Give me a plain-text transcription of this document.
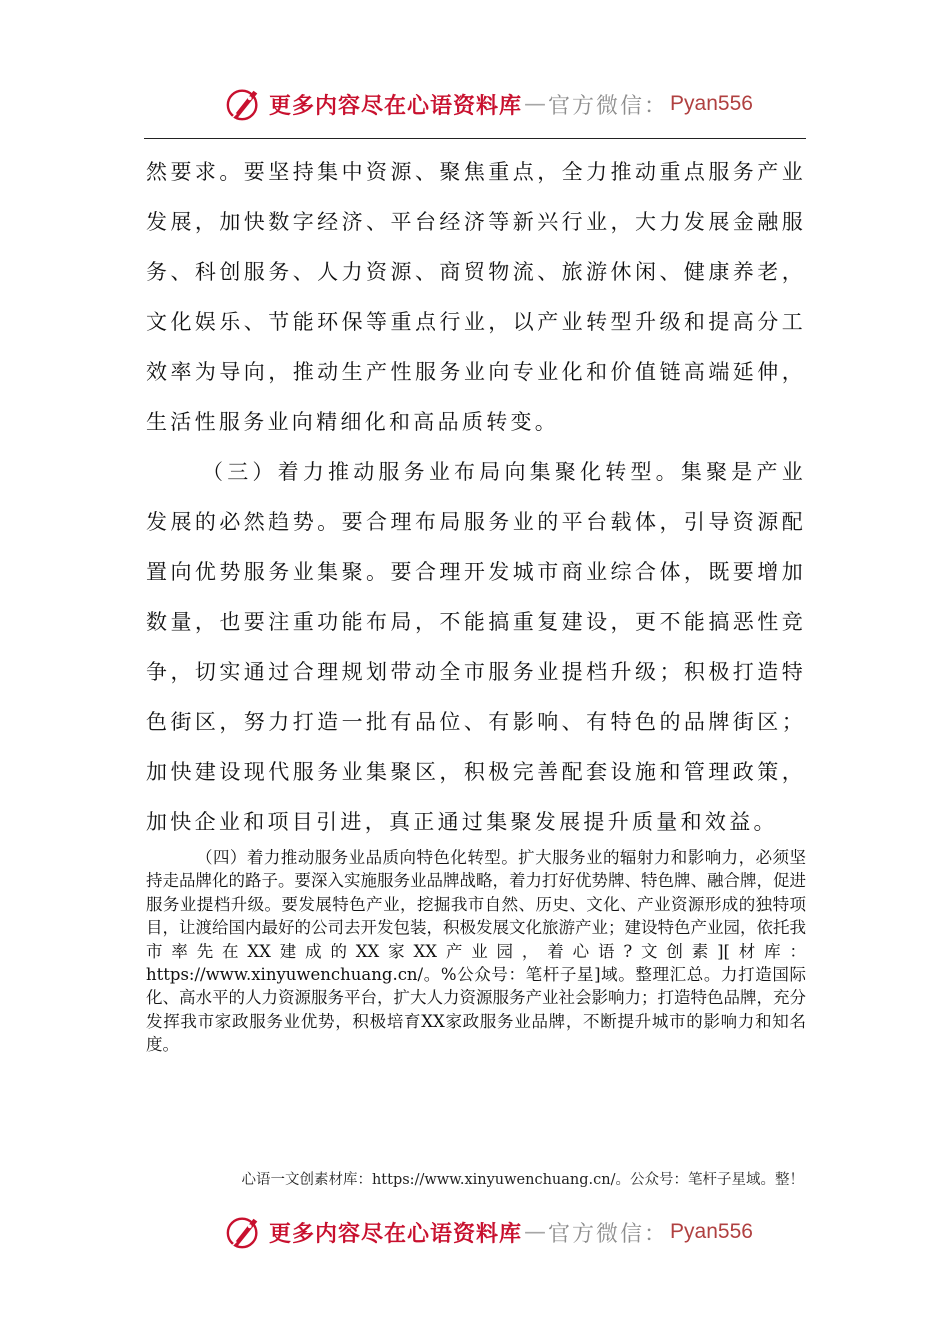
更多内容尽在心语资料库 — 官方微信： Pyan556

然要求。要坚持集中资源、聚焦重点，全力推动重点服务产业发展，加快数字经济、平台经济等新兴行业，大力发展金融服务、科创服务、人力资源、商贸物流、旅游休闲、健康养老，文化娱乐、节能环保等重点行业，以产业转型升级和提高分工效率为导向，推动生产性服务业向专业化和价值链高端延伸，生活性服务业向精细化和高品质转变。

（三）着力推动服务业布局向集聚化转型。集聚是产业发展的必然趋势。要合理布局服务业的平台载体，引导资源配置向优势服务业集聚。要合理开发城市商业综合体，既要增加数量，也要注重功能布局，不能搞重复建设，更不能搞恶性竞争，切实通过合理规划带动全市服务业提档升级；积极打造特色街区，努力打造一批有品位、有影响、有特色的品牌街区；加快建设现代服务业集聚区，积极完善配套设施和管理政策，加快企业和项目引进，真正通过集聚发展提升质量和效益。

（四）着力推动服务业品质向特色化转型。扩大服务业的辐射力和影响力，必须坚持走品牌化的路子。要深入实施服务业品牌战略，着力打好优势牌、特色牌、融合牌，促进服务业提档升级。要发展特色产业，挖掘我市自然、历史、文化、产业资源形成的独特项目，让渡给国内最好的公司去开发包装，积极发展文化旅游产业；建设特色产业园，依托我市率先在XX建成的XX家XX产业园，着心语?文创素][材库：https://www.xinyuwenchuang.cn/。%公众号：笔杆子星]域。整理汇总。力打造国际化、高水平的人力资源服务平台，扩大人力资源服务产业社会影响力；打造特色品牌，充分发挥我市家政服务业优势，积极培育XX家政服务业品牌，不断提升城市的影响力和知名度。

心语一文创素材库：https://www.xinyuwenchuang.cn/。公众号：笔杆子星域。整！
更多内容尽在心语资料库 — 官方微信： Pyan556
